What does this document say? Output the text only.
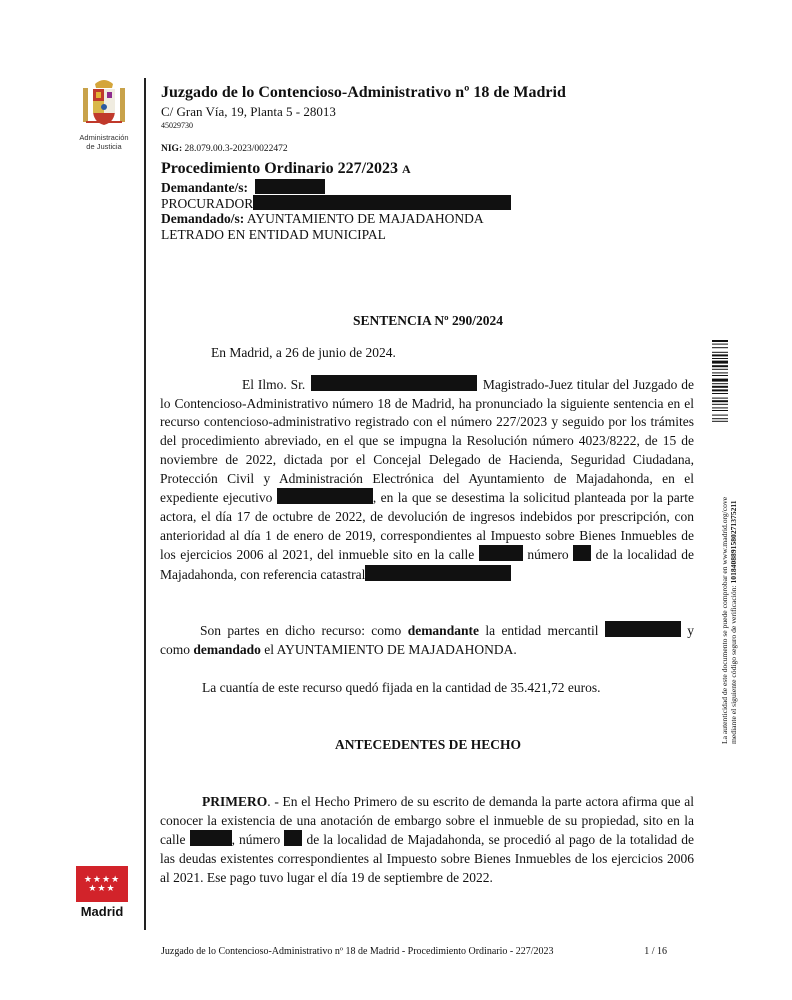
Administración
de Justicia
Juzgado de lo Contencioso-Administrativo nº 18 de Madrid
C/ Gran Vía, 19, Planta 5 - 28013
45029730
NIG: 28.079.00.3-2023/0022472
Procedimiento Ordinario 227/2023 A
Demandante/s:
PROCURADOR
Demandado/s: AYUNTAMIENTO DE MAJADAHONDA
LETRADO EN ENTIDAD MUNICIPAL
SENTENCIA Nº 290/2024
En Madrid, a 26 de junio de 2024.
El Ilmo. Sr.	Magistrado-Juez titular del Juzgado de lo Contencioso-Administrativo número 18 de Madrid, ha pronunciado la siguiente sentencia en el recurso contencioso-administrativo registrado con el número 227/2023 y seguido por los trámites del procedimiento abreviado, en el que se impugna la Resolución número 4023/8222, de 15 de noviembre de 2022, dictada por el Concejal Delegado de Hacienda, Seguridad Ciudadana, Protección Civil y Administración Electrónica del Ayuntamiento de Majadahonda, en el expediente ejecutivo	, en la que se desestima la solicitud planteada por la parte actora, el día 17 de octubre de 2022, de devolución de ingresos indebidos por prescripción, con anterioridad al día 1 de enero de 2019, correspondientes al Impuesto sobre Bienes Inmuebles de los ejercicios 2006 al 2021, del inmueble sito en la calle	número de la localidad de Majadahonda, con referencia catastral
Son partes en dicho recurso: como demandante la entidad mercantil	y como demandado el AYUNTAMIENTO DE MAJADAHONDA.
La cuantía de este recurso quedó fijada en la cantidad de 35.421,72 euros.
ANTECEDENTES DE HECHO
PRIMERO. - En el Hecho Primero de su escrito de demanda la parte actora afirma que al conocer la existencia de una anotación de embargo sobre el inmueble de su propiedad, sito en la calle	, número de la localidad de Majadahonda, se procedió al pago de la totalidad de las deudas existentes correspondientes al Impuesto sobre Bienes Inmuebles de los ejercicios 2006 al 2021. Ese pago tuvo lugar el día 19 de septiembre de 2022.
La autenticidad de este documento se puede comprobar en www.madrid.org/cove mediante el siguiente código seguro de verificación: 1018408891580271375211
★★★★ ★★★
Madrid
Juzgado de lo Contencioso-Administrativo nº 18 de Madrid - Procedimiento Ordinario - 227/2023	1 / 16
